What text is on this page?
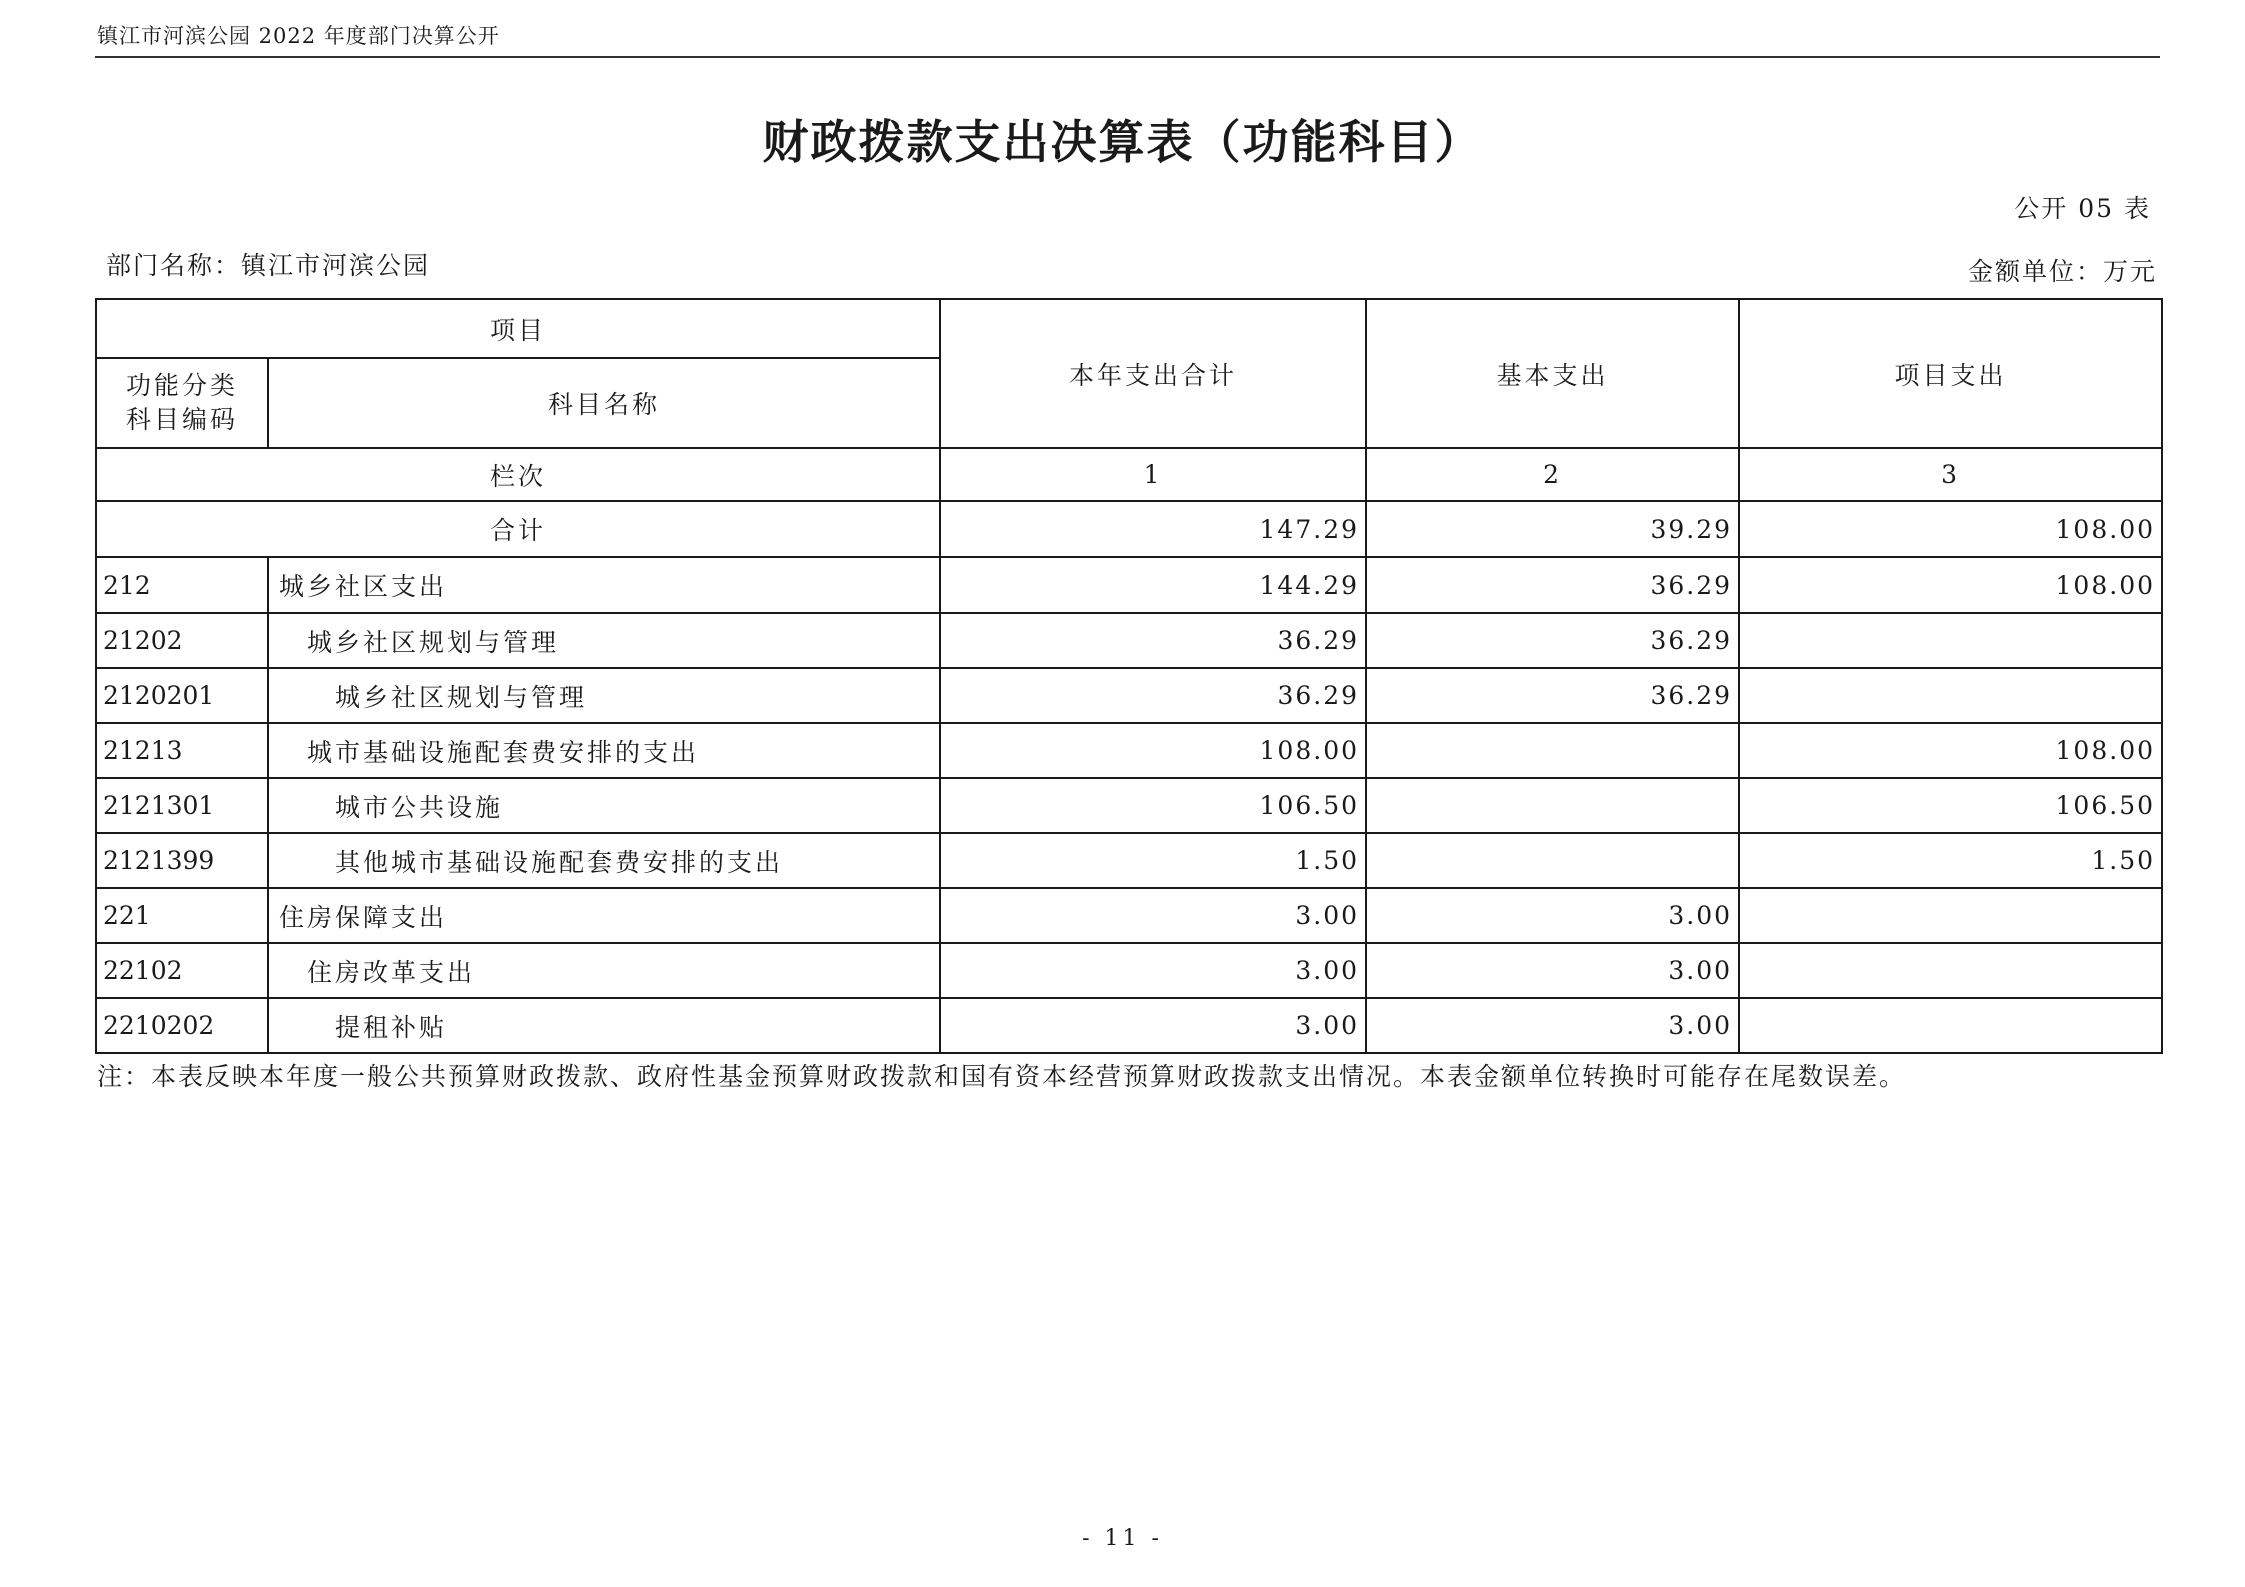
镇江市河滨公园 2022 年度部门决算公开
财政拨款支出决算表（功能科目）
公开 05 表
部门名称：镇江市河滨公园	金额单位：万元
项目		本年支出合计	基本支出	项目支出

功能分类
科目编码	科目名称			
栏次		1	2	3
合计		147.29	39.29	108.00
212	城乡社区支出	144.29	36.29	108.00
21202	城乡社区规划与管理	36.29	36.29	
2120201	城乡社区规划与管理	36.29	36.29	
21213	城市基础设施配套费安排的支出	108.00		108.00
2121301	城市公共设施	106.50		106.50
2121399	其他城市基础设施配套费安排的支出	1.50		1.50
221	住房保障支出	3.00	3.00	
22102	住房改革支出	3.00	3.00	
2210202	提租补贴	3.00	3.00	
注：本表反映本年度一般公共预算财政拨款、政府性基金预算财政拨款和国有资本经营预算财政拨款支出情况。本表金额单位转换时可能存在尾数误差。
- 11 -
